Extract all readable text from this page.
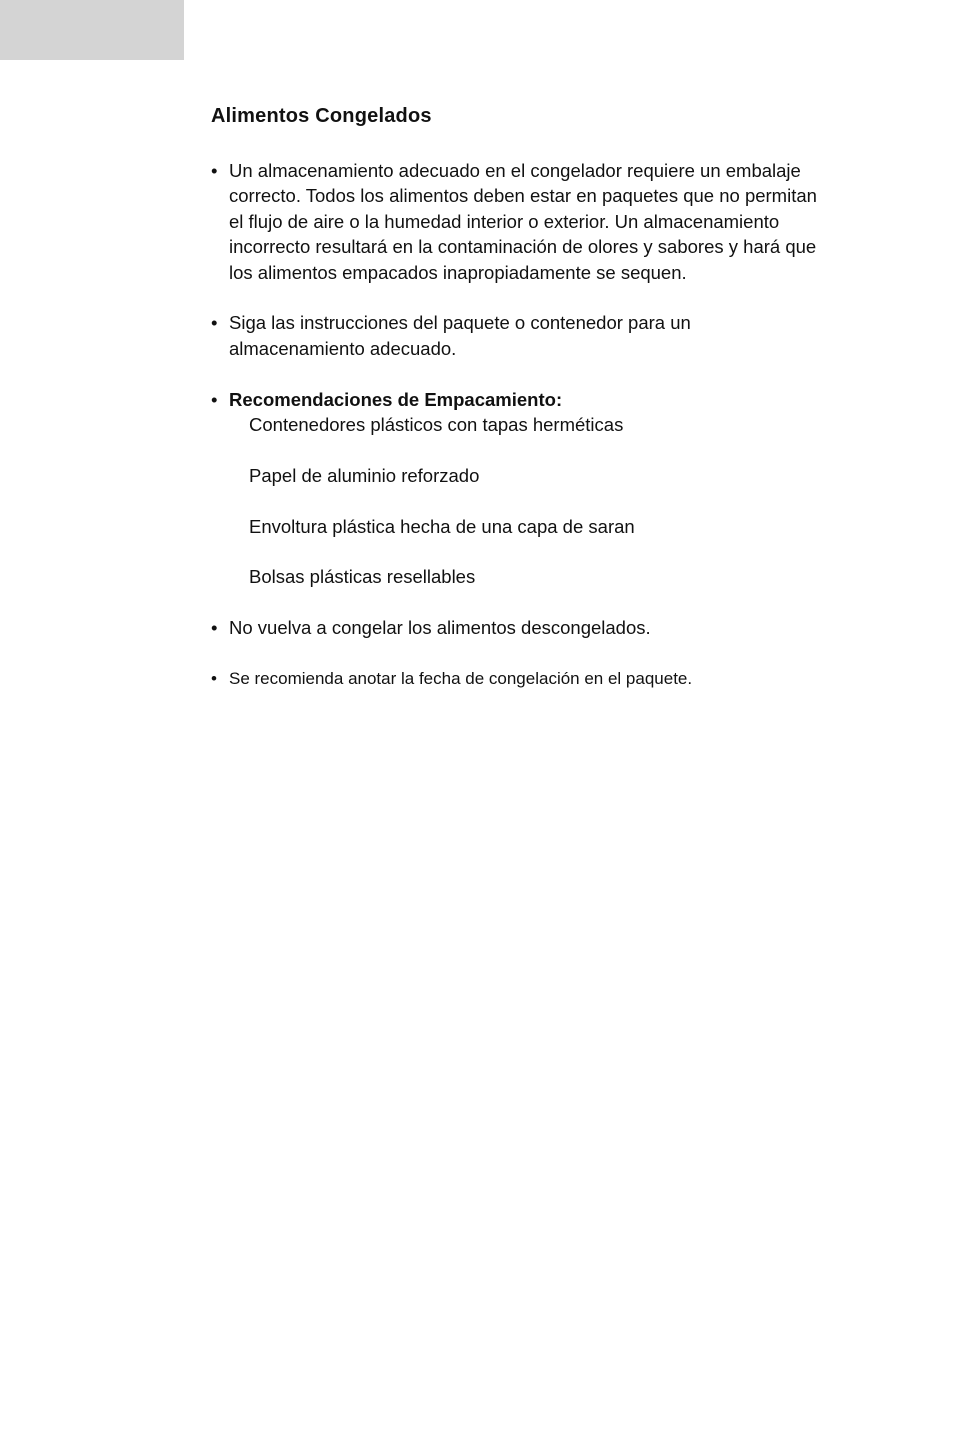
Alimentos Congelados
• Un almacenamiento adecuado en el congelador requiere un embalaje
correcto. Todos los alimentos deben estar en paquetes que no permitan
el flujo de aire o la humedad interior o exterior. Un almacenamiento
incorrecto resultará en la contaminación de olores y sabores y hará que
los alimentos empacados inapropiadamente se sequen.
• Siga las instrucciones del paquete o contenedor para un
almacenamiento adecuado.
• Recomendaciones de Empacamiento:
Contenedores plásticos con tapas herméticas
Papel de aluminio reforzado
Envoltura plástica hecha de una capa de saran
Bolsas plásticas resellables
• No vuelva a congelar los alimentos descongelados.
• Se recomienda anotar la fecha de congelación en el paquete.
